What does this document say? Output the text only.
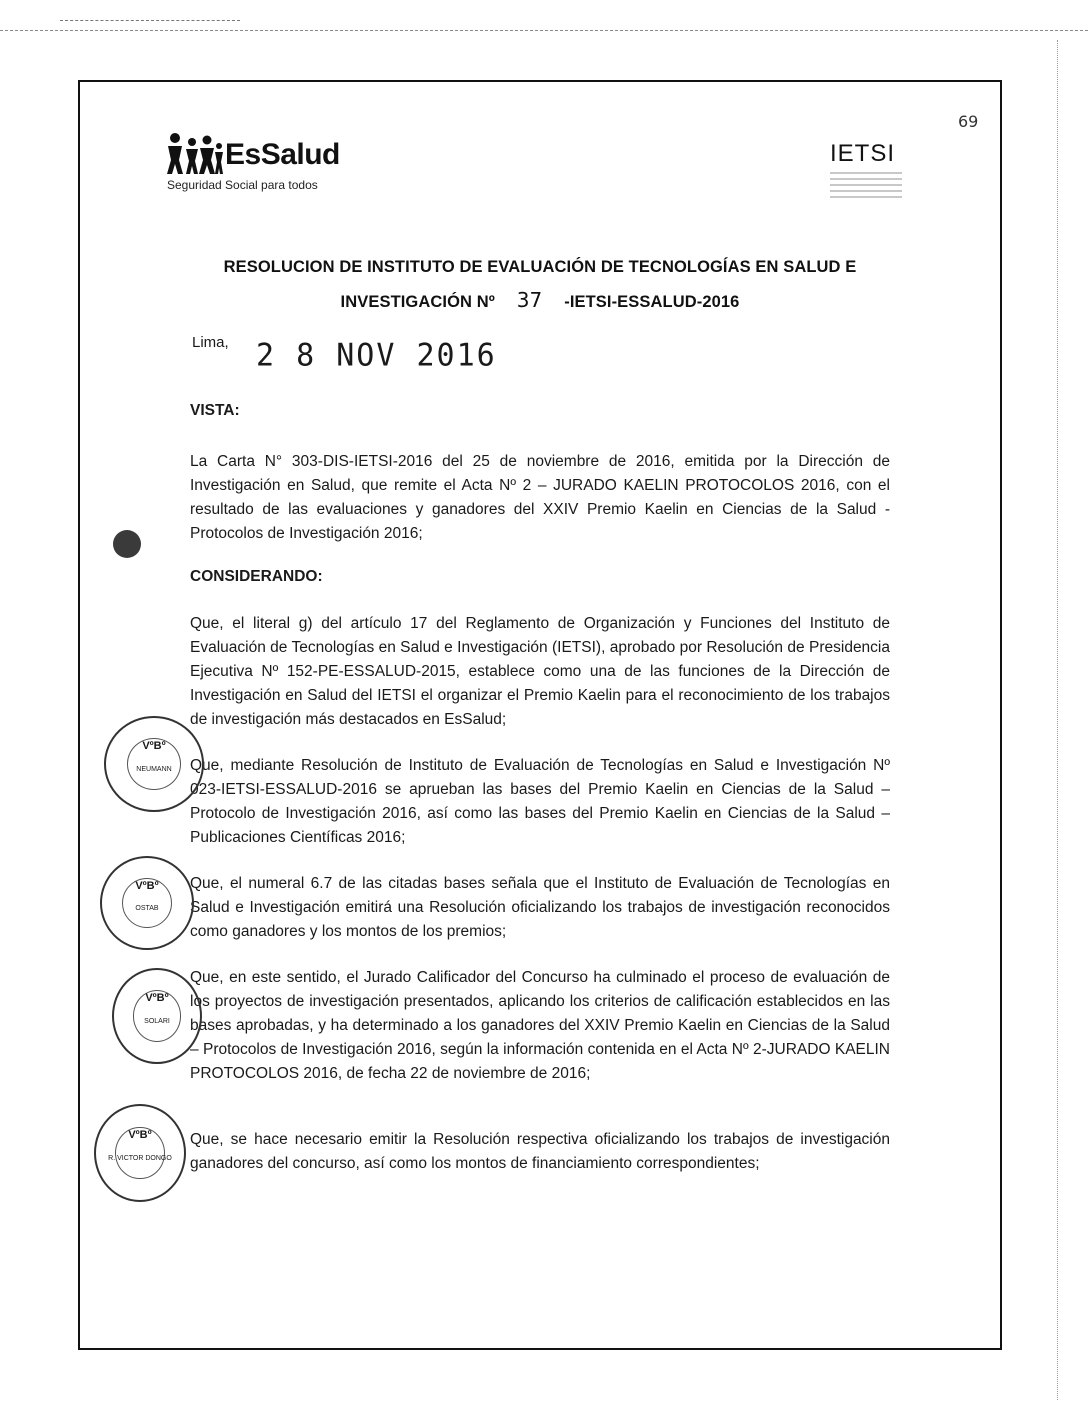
69
EsSalud
Seguridad Social para todos
IETSI
RESOLUCION DE INSTITUTO DE EVALUACIÓN DE TECNOLOGÍAS EN SALUD E
INVESTIGACIÓN Nº 37 -IETSI-ESSALUD-2016
Lima, 2 8 NOV 2016
VISTA:
La Carta N° 303-DIS-IETSI-2016 del 25 de noviembre de 2016, emitida por la Dirección de Investigación en Salud, que remite el Acta Nº 2 – JURADO KAELIN PROTOCOLOS 2016, con el resultado de las evaluaciones y ganadores del XXIV Premio Kaelin en Ciencias de la Salud - Protocolos de Investigación 2016;
CONSIDERANDO:
Que, el literal g) del artículo 17 del Reglamento de Organización y Funciones del Instituto de Evaluación de Tecnologías en Salud e Investigación (IETSI), aprobado por Resolución de Presidencia Ejecutiva Nº 152-PE-ESSALUD-2015, establece como una de las funciones de la Dirección de Investigación en Salud del IETSI el organizar el Premio Kaelin para el reconocimiento de los trabajos de investigación más destacados en EsSalud;
Que, mediante Resolución de Instituto de Evaluación de Tecnologías en Salud e Investigación Nº 023-IETSI-ESSALUD-2016 se aprueban las bases del Premio Kaelin en Ciencias de la Salud – Protocolo de Investigación 2016, así como las bases del Premio Kaelin en Ciencias de la Salud – Publicaciones Científicas 2016;
Que, el numeral 6.7 de las citadas bases señala que el Instituto de Evaluación de Tecnologías en Salud e Investigación emitirá una Resolución oficializando los trabajos de investigación reconocidos como ganadores y los montos de los premios;
Que, en este sentido, el Jurado Calificador del Concurso ha culminado el proceso de evaluación de los proyectos de investigación presentados, aplicando los criterios de calificación establecidos en las bases aprobadas, y ha determinado a los ganadores del XXIV Premio Kaelin en Ciencias de la Salud – Protocolos de Investigación 2016, según la información contenida en el Acta Nº 2-JURADO KAELIN PROTOCOLOS 2016, de fecha 22 de noviembre de 2016;
Que, se hace necesario emitir la Resolución respectiva oficializando los trabajos de investigación ganadores del concurso, así como los montos de financiamiento correspondientes;
VºBº
NEUMANN
VºBº
OSTAB
VºBº
SOLARI
VºBº
R. VICTOR DONGO
